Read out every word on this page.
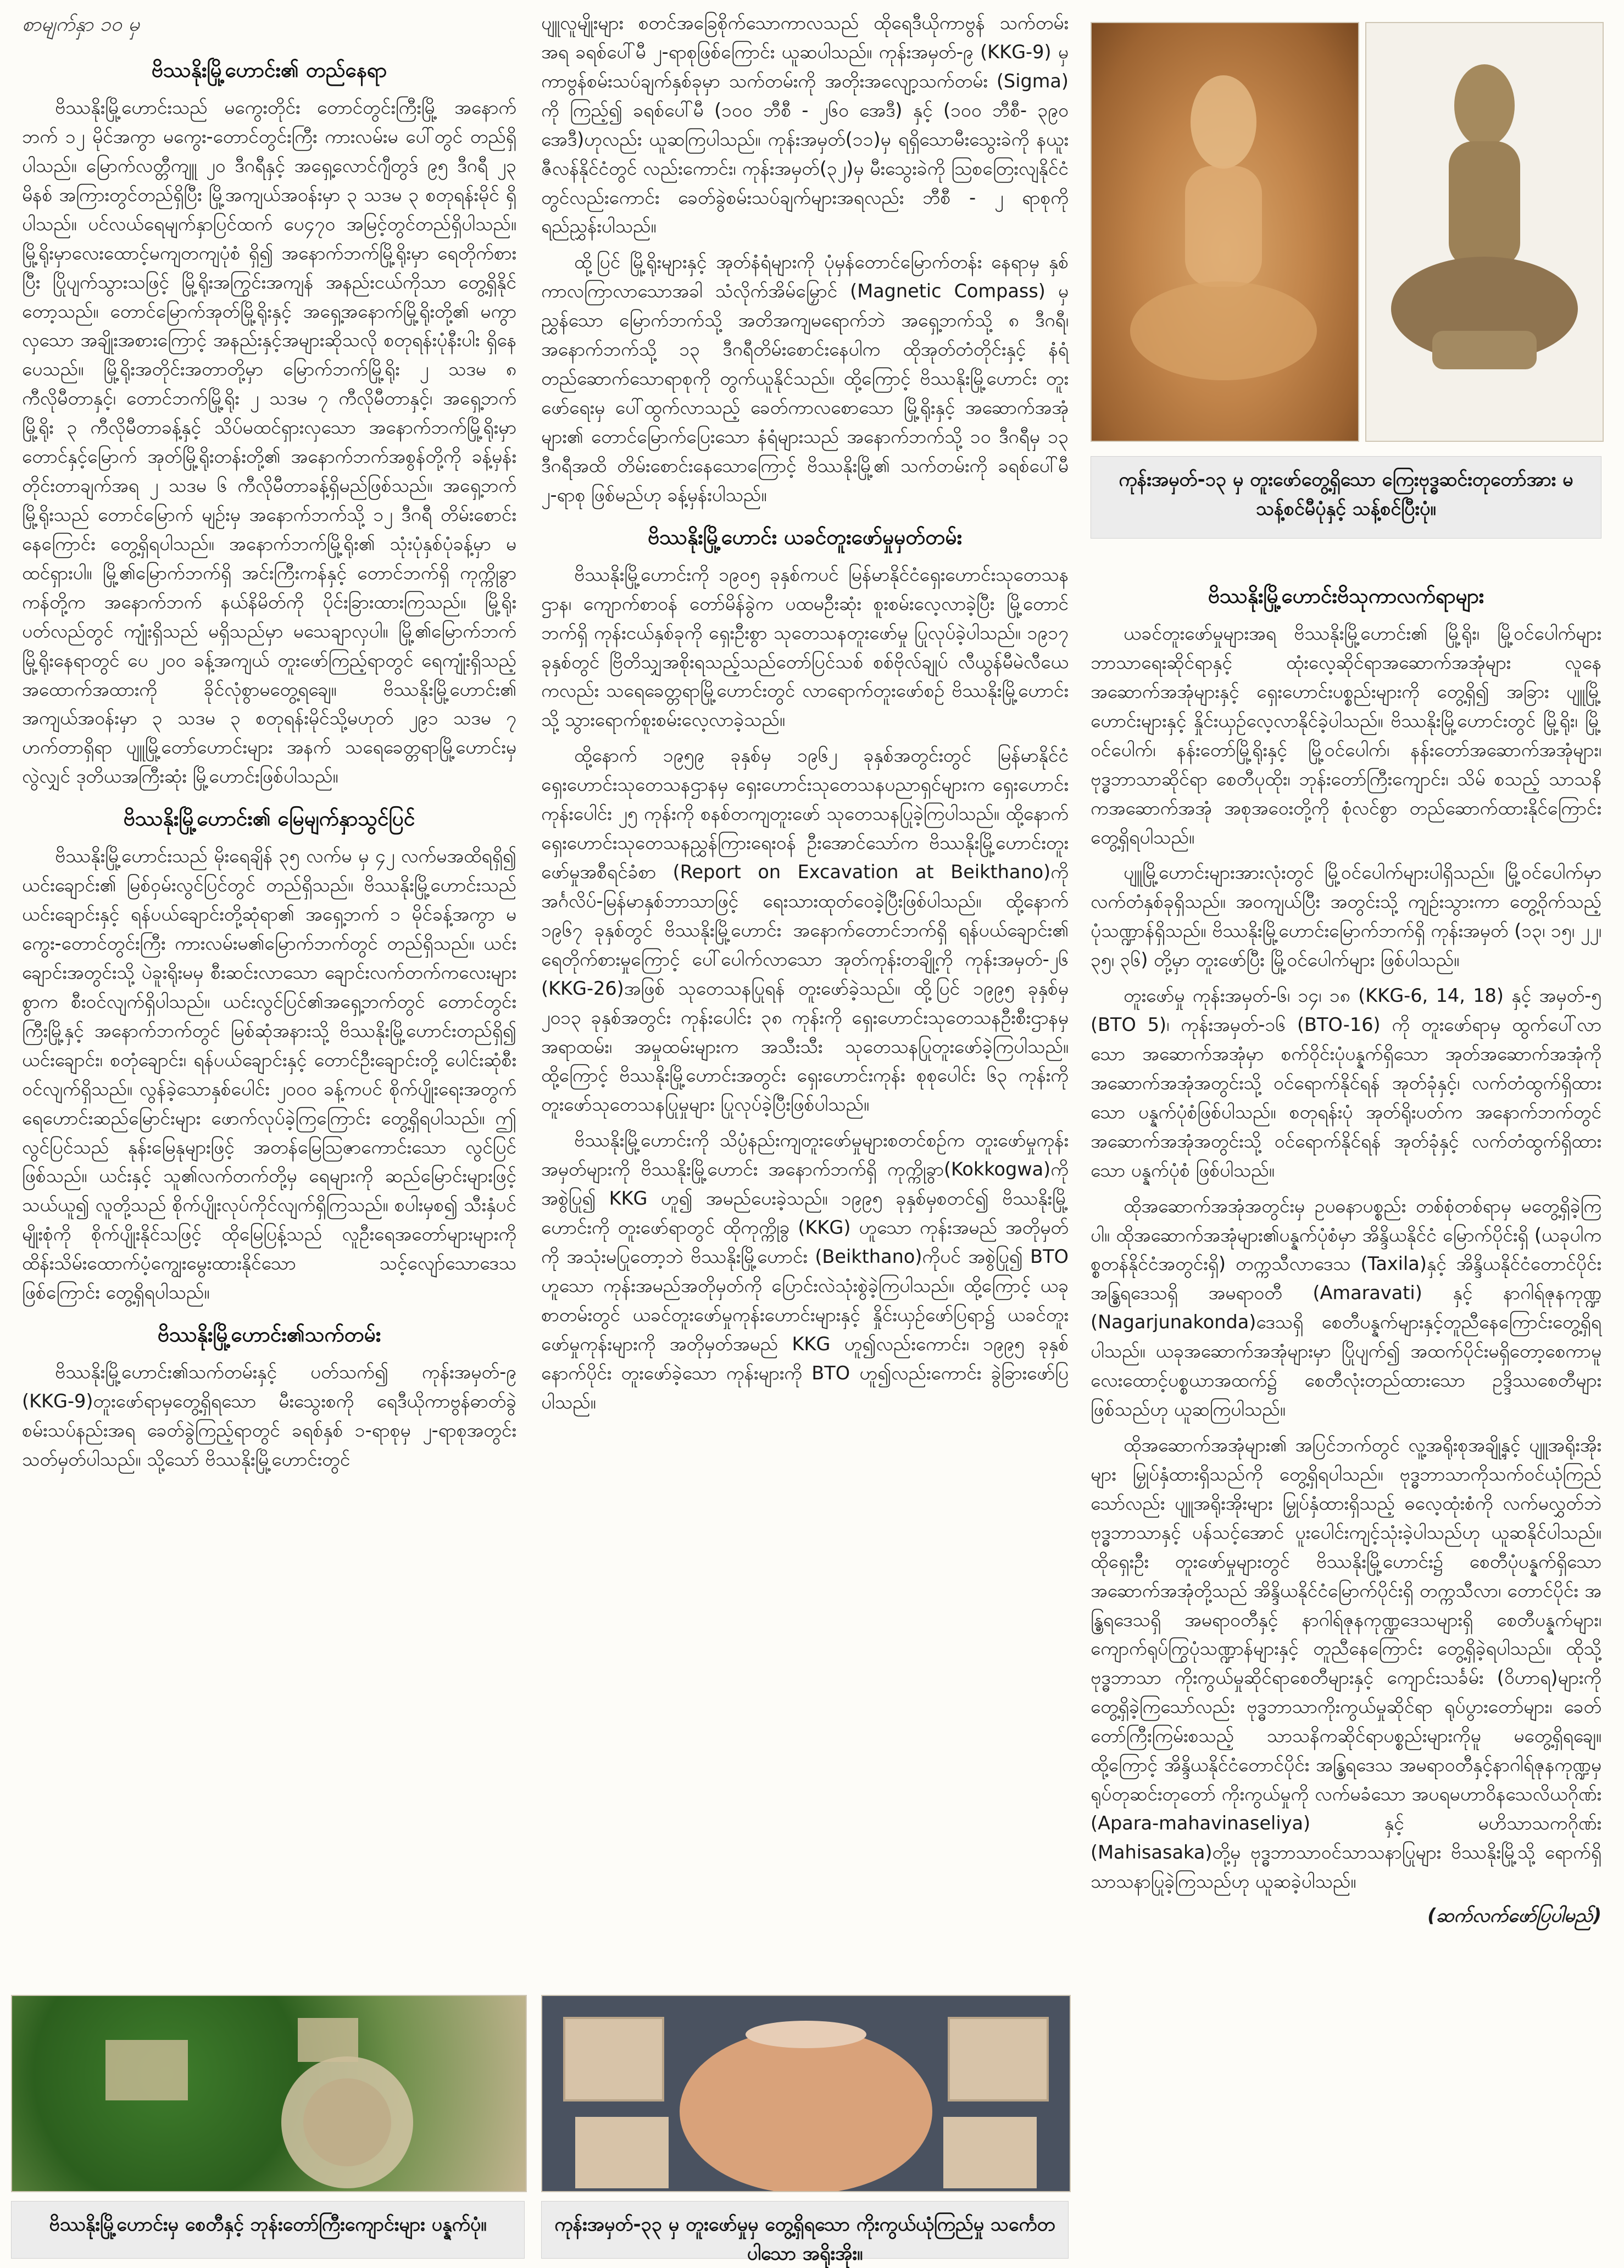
စာမျက်နှာ ၁၀ မှ
ဗိဿနိုးမြို့ဟောင်း၏ တည်နေရာ

ဗိဿနိုးမြို့ဟောင်းသည် မကွေးတိုင်း တောင်တွင်းကြီးမြို့ အနောက်ဘက် ၁၂ မိုင်အကွာ မကွေး-တောင်တွင်းကြီး ကားလမ်းမ ပေါ်တွင် တည်ရှိပါသည်။ မြောက်လတ္တီကျူ ၂၀ ဒီဂရီနှင့် အရှေ့လောင်ဂျီတွဒ် ၉၅ ဒီဂရီ ၂၃ မိနစ် အကြားတွင်တည်ရှိပြီး မြို့အကျယ်အဝန်းမှာ ၃ သဒမ ၃ စတုရန်းမိုင် ရှိပါသည်။ ပင်လယ်ရေမျက်နှာပြင်ထက် ပေ၄၇၀ အမြင့်တွင်တည်ရှိပါသည်။ မြို့ရိုးမှာလေးထောင့်မကျတကျပုံစံ ရှိ၍ အနောက်ဘက်မြို့ရိုးမှာ ရေတိုက်စားပြီး ပြိုပျက်သွားသဖြင့် မြို့ရိုးအကြွင်းအကျန် အနည်းငယ်ကိုသာ တွေ့ရှိနိုင်တော့သည်။ တောင်မြောက်အုတ်မြို့ရိုးနှင့် အရှေ့အနောက်မြို့ရိုးတို့၏ မကွာလှသော အချိုးအစားကြောင့် အနည်းနှင့်အများဆိုသလို စတုရန်းပုံနီးပါး ရှိနေပေသည်။ မြို့ရိုးအတိုင်းအတာတို့မှာ မြောက်ဘက်မြို့ရိုး ၂ သဒမ ၈ ကီလိုမီတာနှင့်၊ တောင်ဘက်မြို့ရိုး ၂ သဒမ ၇ ကီလိုမီတာနှင့်၊ အရှေ့ဘက်မြို့ရိုး ၃ ကီလိုမီတာခန့်နှင့် သိပ်မထင်ရှားလှသော အနောက်ဘက်မြို့ရိုးမှာ တောင်နှင့်မြောက် အုတ်မြို့ရိုးတန်းတို့၏ အနောက်ဘက်အစွန်တို့ကို ခန့်မှန်းတိုင်းတာချက်အရ ၂ သဒမ ၆ ကီလိုမီတာခန့်ရှိမည်ဖြစ်သည်။ အရှေ့ဘက်မြို့ရိုးသည် တောင်မြောက် မျဉ်းမှ အနောက်ဘက်သို့ ၁၂ ဒီဂရီ တိမ်းစောင်းနေကြောင်း တွေ့ရှိရပါသည်။ အနောက်ဘက်မြို့ရိုး၏ သုံးပုံနှစ်ပုံခန့်မှာ မထင်ရှားပါ။ မြို့၏မြောက်ဘက်ရှိ အင်းကြီးကန်နှင့် တောင်ဘက်ရှိ ကုက္ကိုခွာကန်တို့က အနောက်ဘက် နယ်နိမိတ်ကို ပိုင်းခြားထားကြသည်။ မြို့ရိုးပတ်လည်တွင် ကျုံးရှိသည် မရှိသည်မှာ မသေချာလှပါ။ မြို့၏မြောက်ဘက် မြို့ရိုးနေရာတွင် ပေ ၂၀၀ ခန့်အကျယ် တူးဖော်ကြည့်ရာတွင် ရေကျုံးရှိသည့်အထောက်အထားကို ခိုင်လုံစွာမတွေ့ရချေ။ ဗိဿနိုးမြို့ဟောင်း၏ အကျယ်အဝန်းမှာ ၃ သဒမ ၃ စတုရန်းမိုင်သို့မဟုတ် ၂၉၁ သဒမ ၇ ဟက်တာရှိရာ ပျူမြို့တော်ဟောင်းများ အနက် သရေခေတ္တရာမြို့ဟောင်းမှလွဲလျှင် ဒုတိယအကြီးဆုံး မြို့ဟောင်းဖြစ်ပါသည်။

ဗိဿနိုးမြို့ဟောင်း၏ မြေမျက်နှာသွင်ပြင်

ဗိဿနိုးမြို့ဟောင်းသည် မိုးရေချိန် ၃၅ လက်မ မှ ၄၂ လက်မအထိရရှိ၍ ယင်းချောင်း၏ မြစ်ဝှမ်းလွင်ပြင်တွင် တည်ရှိသည်။ ဗိဿနိုးမြို့ဟောင်းသည် ယင်းချောင်းနှင့် ရန်ပယ်ချောင်းတို့ဆုံရာ၏ အရှေ့ဘက် ၁ မိုင်ခန့်အကွာ မကွေး-တောင်တွင်းကြီး ကားလမ်းမ၏မြောက်ဘက်တွင် တည်ရှိသည်။ ယင်းချောင်းအတွင်းသို့ ပဲခူးရိုးမမှ စီးဆင်းလာသော ချောင်းလက်တက်ကလေးများစွာက စီးဝင်လျက်ရှိပါသည်။ ယင်းလွင်ပြင်၏အရှေ့ဘက်တွင် တောင်တွင်းကြီးမြို့နှင့် အနောက်ဘက်တွင် မြစ်ဆုံအနားသို့ ဗိဿနိုးမြို့ဟောင်းတည်ရှိ၍ ယင်းချောင်း၊ စတုံချောင်း၊ ရန်ပယ်ချောင်းနှင့် တောင်ဦးချောင်းတို့ ပေါင်းဆုံစီးဝင်လျက်ရှိသည်။ လွန်ခဲ့သောနှစ်ပေါင်း ၂၀၀၀ ခန့်ကပင် စိုက်ပျိုးရေးအတွက် ရေဟောင်းဆည်မြောင်းများ ဖောက်လုပ်ခဲ့ကြကြောင်း တွေ့ရှိရပါသည်။ ဤလွင်ပြင်သည် နုန်းမြေနုများဖြင့် အတန်မြေသြဇာကောင်းသော လွင်ပြင်ဖြစ်သည်။ ယင်းနှင့် သူ၏လက်တက်တို့မှ ရေများကို ဆည်မြောင်းများဖြင့်သယ်ယူ၍ လူတို့သည် စိုက်ပျိုးလုပ်ကိုင်လျက်ရှိကြသည်။ စပါးမှစ၍ သီးနှံပင်မျိုးစုံကို စိုက်ပျိုးနိုင်သဖြင့် ထိုမြေပြန့်သည် လူဦးရေအတော်များများကို ထိန်းသိမ်းထောက်ပံ့ကျွေးမွေးထားနိုင်သော သင့်လျော်သောဒေသဖြစ်ကြောင်း တွေ့ရှိရပါသည်။

ဗိဿနိုးမြို့ဟောင်း၏သက်တမ်း

ဗိဿနိုးမြို့ဟောင်း၏သက်တမ်းနှင့် ပတ်သက်၍ ကုန်းအမှတ်-၉ (KKG-9)တူးဖော်ရာမှတွေ့ရှိရသော မီးသွေးစကို ရေဒီယိုကာဗွန်ဓာတ်ခွဲ စမ်းသပ်နည်းအရ ခေတ်ခွဲကြည့်ရာတွင် ခရစ်နှစ် ၁-ရာစုမှ ၂-ရာစုအတွင်း သတ်မှတ်ပါသည်။ သို့သော် ဗိဿနိုးမြို့ဟောင်းတွင်

ပျူလူမျိုးများ စတင်အခြေစိုက်သောကာလသည် ထိုရေဒီယိုကာဗွန် သက်တမ်းအရ ခရစ်ပေါ်မီ ၂-ရာစုဖြစ်ကြောင်း ယူဆပါသည်။ ကုန်းအမှတ်-၉ (KKG-9) မှ ကာဗွန်စမ်းသပ်ချက်နှစ်ခုမှာ သက်တမ်းကို အတိုးအလျော့သက်တမ်း (Sigma) ကို ကြည့်၍ ခရစ်ပေါ်မီ (၁၀၀ ဘီစီ - ၂၆၀ အေဒီ) နှင့် (၁၀၀ ဘီစီ- ၃၉၀ အေဒီ)ဟုလည်း ယူဆကြပါသည်။ ကုန်းအမှတ်(၁၁)မှ ရရှိသောမီးသွေးခဲကို နယူးဇီလန်နိုင်ငံတွင် လည်းကောင်း၊ ကုန်းအမှတ်(၃၂)မှ မီးသွေးခဲကို ဩစတြေးလျနိုင်ငံတွင်လည်းကောင်း ခေတ်ခွဲစမ်းသပ်ချက်များအရလည်း ဘီစီ - ၂ ရာစုကို ရည်ညွှန်းပါသည်။

ထို့ပြင် မြို့ရိုးများနှင့် အုတ်နံရံများကို ပုံမှန်တောင်မြောက်တန်း နေရာမှ နှစ်ကာလကြာလာသောအခါ သံလိုက်အိမ်မြှောင် (Magnetic Compass) မှညွှန်သော မြောက်ဘက်သို့ အတိအကျမရောက်ဘဲ အရှေ့ဘက်သို့ ၈ ဒီဂရီ၊ အနောက်ဘက်သို့ ၁၃ ဒီဂရီတိမ်းစောင်းနေပါက ထိုအုတ်တံတိုင်းနှင့် နံရံတည်ဆောက်သောရာစုကို တွက်ယူနိုင်သည်။ ထို့ကြောင့် ဗိဿနိုးမြို့ဟောင်း တူးဖော်ရေးမှ ပေါ်ထွက်လာသည့် ခေတ်ကာလစောသော မြို့ရိုးနှင့် အဆောက်အအုံများ၏ တောင်မြောက်ပြေးသော နံရံများသည် အနောက်ဘက်သို့ ၁၀ ဒီဂရီမှ ၁၃ ဒီဂရီအထိ တိမ်းစောင်းနေသောကြောင့် ဗိဿနိုးမြို့၏ သက်တမ်းကို ခရစ်ပေါ်မီ ၂-ရာစု ဖြစ်မည်ဟု ခန့်မှန်းပါသည်။

ဗိဿနိုးမြို့ဟောင်း ယခင်တူးဖော်မှုမှတ်တမ်း

ဗိဿနိုးမြို့ဟောင်းကို ၁၉၀၅ ခုနှစ်ကပင် မြန်မာနိုင်ငံရှေးဟောင်းသုတေသနဌာန၊ ကျောက်စာဝန် တော်မိန်ခွဲက ပထမဦးဆုံး စူးစမ်းလေ့လာခဲ့ပြီး မြို့တောင်ဘက်ရှိ ကုန်းငယ်နှစ်ခုကို ရှေးဦးစွာ သုတေသနတူးဖော်မှု ပြုလုပ်ခဲ့ပါသည်။ ၁၉၁၇ ခုနှစ်တွင် ဗြိတိသျှအစိုးရသည့်သည်တော်ပြင်သစ် စစ်ဗိုလ်ချုပ် လီယွန်မီမဲလီယေကလည်း သရေခေတ္တရာမြို့ဟောင်းတွင် လာရောက်တူးဖော်စဉ် ဗိဿနိုးမြို့ဟောင်းသို့ သွားရောက်စူးစမ်းလေ့လာခဲ့သည်။

ထို့နောက် ၁၉၅၉ ခုနှစ်မှ ၁၉၆၂ ခုနှစ်အတွင်းတွင် မြန်မာနိုင်ငံရှေးဟောင်းသုတေသနဌာနမှ ရှေးဟောင်းသုတေသနပညာရှင်များက ရှေးဟောင်းကုန်းပေါင်း ၂၅ ကုန်းကို စနစ်တကျတူးဖော် သုတေသနပြုခဲ့ကြပါသည်။ ထို့နောက် ရှေးဟောင်းသုတေသနညွှန်ကြားရေးဝန် ဦးအောင်သော်က ဗိဿနိုးမြို့ဟောင်းတူးဖော်မှုအစီရင်ခံစာ (Report on Excavation at Beikthano)ကို အင်္ဂလိပ်-မြန်မာနှစ်ဘာသာဖြင့် ရေးသားထုတ်ဝေခဲ့ပြီးဖြစ်ပါသည်။ ထို့နောက် ၁၉၆၇ ခုနှစ်တွင် ဗိဿနိုးမြို့ဟောင်း အနောက်တောင်ဘက်ရှိ ရန်ပယ်ချောင်း၏ ရေတိုက်စားမှုကြောင့် ပေါ်ပေါက်လာသော အုတ်ကုန်းတချို့ကို ကုန်းအမှတ်-၂၆ (KKG-26)အဖြစ် သုတေသနပြုရန် တူးဖော်ခဲ့သည်။ ထို့ပြင် ၁၉၉၅ ခုနှစ်မှ ၂၀၁၃ ခုနှစ်အတွင်း ကုန်းပေါင်း ၃၈ ကုန်းကို ရှေးဟောင်းသုတေသနဦးစီးဌာနမှ အရာထမ်း၊ အမှုထမ်းများက အသီးသီး သုတေသနပြုတူးဖော်ခဲ့ကြပါသည်။ ထို့ကြောင့် ဗိဿနိုးမြို့ဟောင်းအတွင်း ရှေးဟောင်းကုန်း စုစုပေါင်း ၆၃ ကုန်းကို တူးဖော်သုတေသနပြုမှုများ ပြုလုပ်ခဲ့ပြီးဖြစ်ပါသည်။

ဗိဿနိုးမြို့ဟောင်းကို သိပ္ပံနည်းကျတူးဖော်မှုများစတင်စဉ်က တူးဖော်မှုကုန်းအမှတ်များကို ဗိဿနိုးမြို့ဟောင်း အနောက်ဘက်ရှိ ကုက္ကိုခွာ(Kokkogwa)ကို အစွဲပြု၍ KKG ဟူ၍ အမည်ပေးခဲ့သည်။ ၁၉၉၅ ခုနှစ်မှစတင်၍ ဗိဿနိုးမြို့ဟောင်းကို တူးဖော်ရာတွင် ထိုကုက္ကိုခွ (KKG) ဟူသော ကုန်းအမည် အတိုမှတ်ကို အသုံးမပြုတော့ဘဲ ဗိဿနိုးမြို့ဟောင်း (Beikthano)ကိုပင် အစွဲပြု၍ BTO ဟူသော ကုန်းအမည်အတိုမှတ်ကို ပြောင်းလဲသုံးစွဲခဲ့ကြပါသည်။ ထို့ကြောင့် ယခုစာတမ်းတွင် ယခင်တူးဖော်မှုကုန်းဟောင်းများနှင့် နှိုင်းယှဉ်ဖော်ပြရာ၌ ယခင်တူးဖော်မှုကုန်းများကို အတိုမှတ်အမည် KKG ဟူ၍လည်းကောင်း၊ ၁၉၉၅ ခုနှစ်နောက်ပိုင်း တူးဖော်ခဲ့သော ကုန်းများကို BTO ဟူ၍လည်းကောင်း ခွဲခြားဖော်ပြပါသည်။

ဗိဿနိုးမြို့ဟောင်းဗိသုကာလက်ရာများ

ယခင်တူးဖော်မှုများအရ ဗိဿနိုးမြို့ဟောင်း၏ မြို့ရိုး၊ မြို့ဝင်ပေါက်များ ဘာသာရေးဆိုင်ရာနှင့် ထုံးလေ့ဆိုင်ရာအဆောက်အအုံများ လူနေအဆောက်အအုံများနှင့် ရှေးဟောင်းပစ္စည်းများကို တွေ့ရှိ၍ အခြား ပျူမြို့ဟောင်းများနှင့် နှိုင်းယှဉ်လေ့လာနိုင်ခဲ့ပါသည်။ ဗိဿနိုးမြို့ဟောင်းတွင် မြို့ရိုး၊ မြို့ဝင်ပေါက်၊ နန်းတော်မြို့ရိုးနှင့် မြို့ဝင်ပေါက်၊ နန်းတော်အဆောက်အအုံများ၊ ဗုဒ္ဓဘာသာဆိုင်ရာ စေတီပုထိုး၊ ဘုန်းတော်ကြီးကျောင်း၊ သိမ် စသည့် သာသနိကအဆောက်အအုံ အစုအဝေးတို့ကို စုံလင်စွာ တည်ဆောက်ထားနိုင်ကြောင်း တွေ့ရှိရပါသည်။

ပျူမြို့ဟောင်းများအားလုံးတွင် မြို့ဝင်ပေါက်များပါရှိသည်။ မြို့ဝင်ပေါက်မှာ လက်တံနှစ်ခုရှိသည်။ အဝကျယ်ပြီး အတွင်းသို့ ကျဉ်းသွားကာ တွေ့ဝိုက်သည့်ပုံသဏ္ဍာန်ရှိသည်။ ဗိဿနိုးမြို့ဟောင်းမြောက်ဘက်ရှိ ကုန်းအမှတ် (၁၃၊ ၁၅၊ ၂၂၊ ၃၅၊ ၃၆) တို့မှာ တူးဖော်ပြီး မြို့ဝင်ပေါက်များ ဖြစ်ပါသည်။

တူးဖော်မှု ကုန်းအမှတ်-၆၊ ၁၄၊ ၁၈ (KKG-6, 14, 18) နှင့် အမှတ်-၅ (BTO 5)၊ ကုန်းအမှတ်-၁၆ (BTO-16) ကို တူးဖော်ရာမှ ထွက်ပေါ်လာသော အဆောက်အအုံမှာ စက်ဝိုင်းပုံပန္နက်ရှိသော အုတ်အဆောက်အအုံကို အဆောက်အအုံအတွင်းသို့ ဝင်ရောက်နိုင်ရန် အုတ်ခုံနှင့်၊ လက်တံထွက်ရှိထားသော ပန္နက်ပုံစံဖြစ်ပါသည်။ စတုရန်းပုံ အုတ်ရိုးပတ်က အနောက်ဘက်တွင် အဆောက်အအုံအတွင်းသို့ ဝင်ရောက်နိုင်ရန် အုတ်ခုံနှင့် လက်တံထွက်ရှိထားသော ပန္နက်ပုံစံ ဖြစ်ပါသည်။

ထိုအဆောက်အအုံအတွင်းမှ ဥပဓနာပစ္စည်း တစ်စုံတစ်ရာမှ မတွေ့ရှိခဲ့ကြပါ။ ထိုအဆောက်အအုံများ၏ပန္နက်ပုံစံမှာ အိန္ဒိယနိုင်ငံ မြောက်ပိုင်းရှိ (ယခုပါကစ္စတန်နိုင်ငံအတွင်းရှိ) တက္ကသီလာဒေသ (Taxila)နှင့် အိန္ဒိယနိုင်ငံတောင်ပိုင်း အန္ဓြရဒေသရှိ အမရာဝတီ (Amaravati) နှင့် နာဂါရ်ဇုနကုဏ္ဍ (Nagarjunakonda)ဒေသရှိ စေတီပန္နက်များနှင့်တူညီနေကြောင်းတွေ့ရှိရပါသည်။ ယခုအဆောက်အအုံများမှာ ပြိုပျက်၍ အထက်ပိုင်းမရှိတော့စေကာမူ လေးထောင့်ပစ္စယာအထက်၌ စေတီလုံးတည်ထားသော ဥဒ္ဒိဿစေတီများဖြစ်သည်ဟု ယူဆကြပါသည်။

ထိုအဆောက်အအုံများ၏ အပြင်ဘက်တွင် လူ့အရိုးစုအချို့နှင့် ပျူအရိုးအိုးများ မြှုပ်နှံထားရှိသည်ကို တွေ့ရှိရပါသည်။ ဗုဒ္ဓဘာသာကိုသက်ဝင်ယုံကြည်သော်လည်း ပျူအရိုးအိုးများ မြှုပ်နှံထားရှိသည့် ဓလေ့ထုံးစံကို လက်မလွှတ်ဘဲ ဗုဒ္ဓဘာသာနှင့် ပန်သင့်အောင် ပူးပေါင်းကျင့်သုံးခဲ့ပါသည်ဟု ယူဆနိုင်ပါသည်။ ထိုရှေးဦး တူးဖော်မှုများတွင် ဗိဿနိုးမြို့ဟောင်း၌ စေတီပုံပန္နက်ရှိသော အဆောက်အအုံတို့သည် အိန္ဒိယနိုင်ငံမြောက်ပိုင်းရှိ တက္ကသီလာ၊ တောင်ပိုင်း အန္ဓြရဒေသရှိ အမရာဝတီနှင့် နာဂါရ်ဇုနကုဏ္ဍဒေသများရှိ စေတီပန္နက်များ၊ ကျောက်ရုပ်ကြွပုံသဏ္ဍာန်များနှင့် တူညီနေကြောင်း တွေ့ရှိခဲ့ရပါသည်။ ထိုသို့ ဗုဒ္ဓဘာသာ ကိုးကွယ်မှုဆိုင်ရာစေတီများနှင့် ကျောင်းသင်္ခမ်း (ဝိဟာရ)များကိုတွေ့ရှိခဲ့ကြသော်လည်း ဗုဒ္ဓဘာသာကိုးကွယ်မှုဆိုင်ရာ ရုပ်ပွားတော်များ၊ ခေတ်တော်ကြီးကြမ်းစသည့် သာသနိကဆိုင်ရာပစ္စည်းများကိုမူ မတွေ့ရှိရချေ။ ထို့ကြောင့် အိန္ဒိယနိုင်ငံတောင်ပိုင်း အန္ဓြရဒေသ အမရာဝတီနှင့်နာဂါရ်ဇုနကုဏ္ဍမှ ရုပ်တုဆင်းတုတော် ကိုးကွယ်မှုကို လက်မခံသော အပရမဟာဝိနသေလိယဂိုဏ်း (Apara-mahavinaseliya) နှင့် မဟိသာသကဂိုဏ်း (Mahisasaka)တို့မှ ဗုဒ္ဓဘာသာဝင်သာသနာပြုများ ဗိဿနိုးမြို့သို့ ရောက်ရှိ သာသနာပြုခဲ့ကြသည်ဟု ယူဆခဲ့ပါသည်။

(ဆက်လက်ဖော်ပြပါမည်)
ကုန်းအမှတ်-၁၃ မှ တူးဖော်တွေ့ရှိသော ကြေးဗုဒ္ဓဆင်းတုတော်အား မသန့်စင်မီပုံနှင့် သန့်စင်ပြီးပုံ။
ဗိဿနိုးမြို့ဟောင်းမှ စေတီနှင့် ဘုန်းတော်ကြီးကျောင်းများ ပန္နက်ပုံ။	ကုန်းအမှတ်-၃၃ မှ တူးဖော်မှုမှ တွေ့ရှိရသော ကိုးကွယ်ယုံကြည်မှု သင်္ကေတပါသော အရိုးအိုး။
